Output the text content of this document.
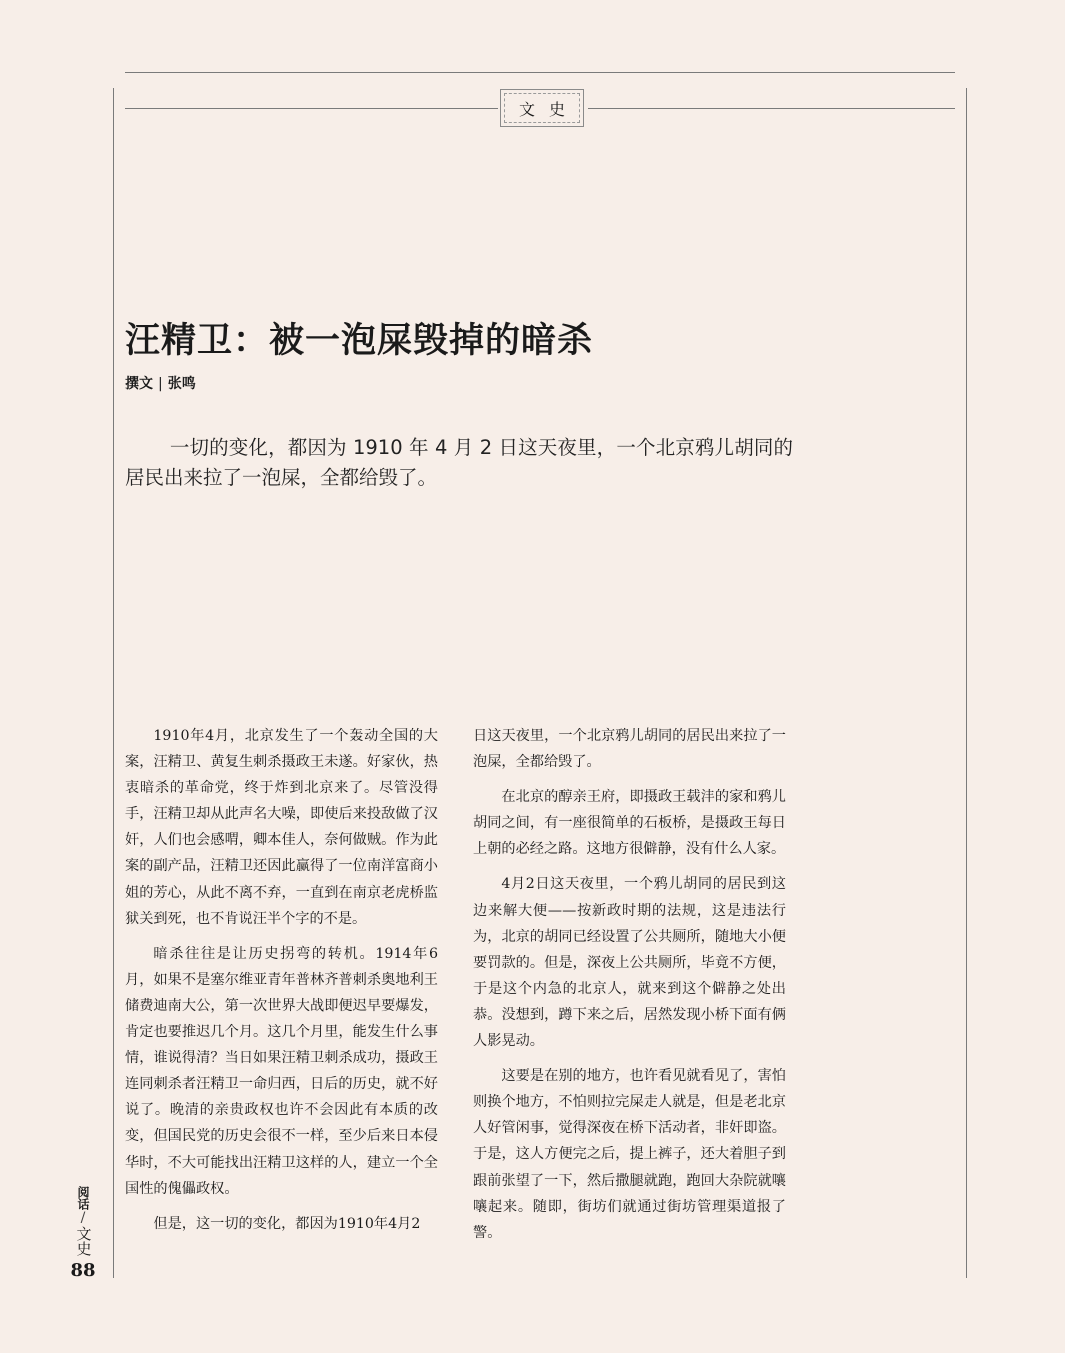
文史
汪精卫：被一泡屎毁掉的暗杀
撰文 | 张鸣

一切的变化，都因为 1910 年 4 月 2 日这天夜里，一个北京鸦儿胡同的居民出来拉了一泡屎，全都给毁了。

1910年4月，北京发生了一个轰动全国的大案，汪精卫、黄复生刺杀摄政王未遂。好家伙，热衷暗杀的革命党，终于炸到北京来了。尽管没得手，汪精卫却从此声名大噪，即使后来投敌做了汉奸，人们也会感喟，卿本佳人，奈何做贼。作为此案的副产品，汪精卫还因此赢得了一位南洋富商小姐的芳心，从此不离不弃，一直到在南京老虎桥监狱关到死，也不肯说汪半个字的不是。

暗杀往往是让历史拐弯的转机。1914年6月，如果不是塞尔维亚青年普林齐普刺杀奥地利王储费迪南大公，第一次世界大战即便迟早要爆发，肯定也要推迟几个月。这几个月里，能发生什么事情，谁说得清？当日如果汪精卫刺杀成功，摄政王连同刺杀者汪精卫一命归西，日后的历史，就不好说了。晚清的亲贵政权也许不会因此有本质的改变，但国民党的历史会很不一样，至少后来日本侵华时，不大可能找出汪精卫这样的人，建立一个全国性的傀儡政权。

但是，这一切的变化，都因为1910年4月2

日这天夜里，一个北京鸦儿胡同的居民出来拉了一泡屎，全都给毁了。

在北京的醇亲王府，即摄政王载沣的家和鸦儿胡同之间，有一座很简单的石板桥，是摄政王每日上朝的必经之路。这地方很僻静，没有什么人家。

4月2日这天夜里，一个鸦儿胡同的居民到这边来解大便——按新政时期的法规，这是违法行为，北京的胡同已经设置了公共厕所，随地大小便要罚款的。但是，深夜上公共厕所，毕竟不方便，于是这个内急的北京人，就来到这个僻静之处出恭。没想到，蹲下来之后，居然发现小桥下面有俩人影晃动。

这要是在别的地方，也许看见就看见了，害怕则换个地方，不怕则拉完屎走人就是，但是老北京人好管闲事，觉得深夜在桥下活动者，非奸即盗。于是，这人方便完之后，提上裤子，还大着胆子到跟前张望了一下，然后撒腿就跑，跑回大杂院就嚷嚷起来。随即，街坊们就通过街坊管理渠道报了警。

阅话
/
文史
88
